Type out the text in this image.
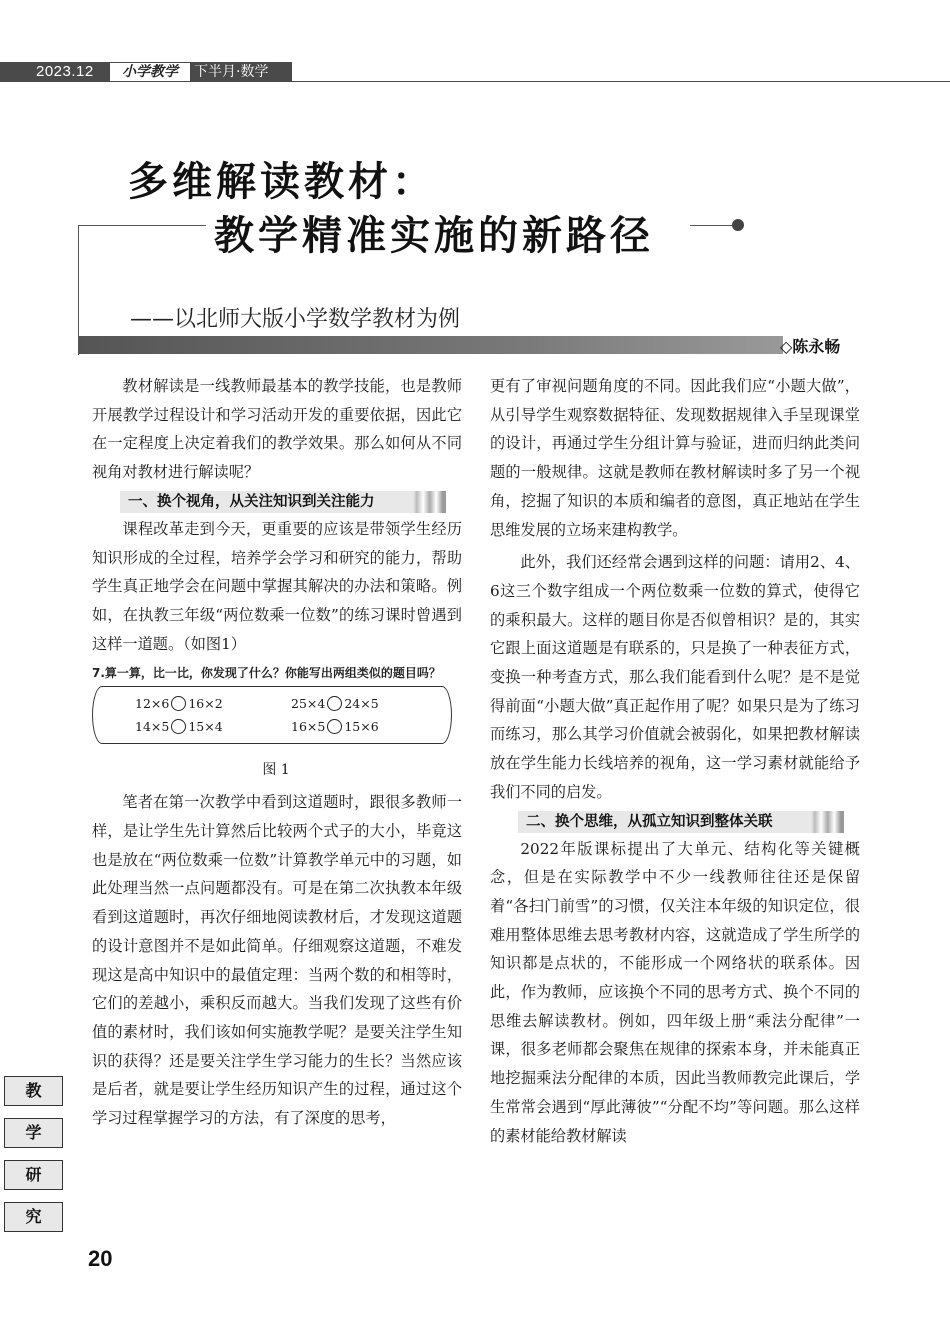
2023.12	小学教学	下半月·数学
多维解读教材：
教学精准实施的新路径
——以北师大版小学数学教材为例
◇陈永畅

教材解读是一线教师最基本的教学技能，也是教师开展教学过程设计和学习活动开发的重要依据，因此它在一定程度上决定着我们的教学效果。那么如何从不同视角对教材进行解读呢？

一、换个视角，从关注知识到关注能力

课程改革走到今天，更重要的应该是带领学生经历知识形成的全过程，培养学会学习和研究的能力，帮助学生真正地学会在问题中掌握其解决的办法和策略。例如，在执教三年级“两位数乘一位数”的练习课时曾遇到这样一道题。（如图1）

7.算一算，比一比，你发现了什么？你能写出两组类似的题目吗？
12×6 16×2	25×4 24×5
14×5 15×4	16×5 15×6
图 1

笔者在第一次教学中看到这道题时，跟很多教师一样，是让学生先计算然后比较两个式子的大小，毕竟这也是放在“两位数乘一位数”计算教学单元中的习题，如此处理当然一点问题都没有。可是在第二次执教本年级看到这道题时，再次仔细地阅读教材后，才发现这道题的设计意图并不是如此简单。仔细观察这道题，不难发现这是高中知识中的最值定理：当两个数的和相等时，它们的差越小，乘积反而越大。当我们发现了这些有价值的素材时，我们该如何实施教学呢？是要关注学生知识的获得？还是要关注学生学习能力的生长？当然应该是后者，就是要让学生经历知识产生的过程，通过这个学习过程掌握学习的方法，有了深度的思考，

更有了审视问题角度的不同。因此我们应“小题大做”，从引导学生观察数据特征、发现数据规律入手呈现课堂的设计，再通过学生分组计算与验证，进而归纳此类问题的一般规律。这就是教师在教材解读时多了另一个视角，挖掘了知识的本质和编者的意图，真正地站在学生思维发展的立场来建构教学。

此外，我们还经常会遇到这样的问题：请用2、4、6这三个数字组成一个两位数乘一位数的算式，使得它的乘积最大。这样的题目你是否似曾相识？是的，其实它跟上面这道题是有联系的，只是换了一种表征方式，变换一种考查方式，那么我们能看到什么呢？是不是觉得前面“小题大做”真正起作用了呢？如果只是为了练习而练习，那么其学习价值就会被弱化，如果把教材解读放在学生能力长线培养的视角，这一学习素材就能给予我们不同的启发。

二、换个思维，从孤立知识到整体关联

2022年版课标提出了大单元、结构化等关键概念，但是在实际教学中不少一线教师往往还是保留着“各扫门前雪”的习惯，仅关注本年级的知识定位，很难用整体思维去思考教材内容，这就造成了学生所学的知识都是点状的，不能形成一个网络状的联系体。因此，作为教师，应该换个不同的思考方式、换个不同的思维去解读教材。例如，四年级上册“乘法分配律”一课，很多老师都会聚焦在规律的探索本身，并未能真正地挖掘乘法分配律的本质，因此当教师教完此课后，学生常常会遇到“厚此薄彼”“分配不均”等问题。那么这样的素材能给教材解读

教
学
研
究
20
